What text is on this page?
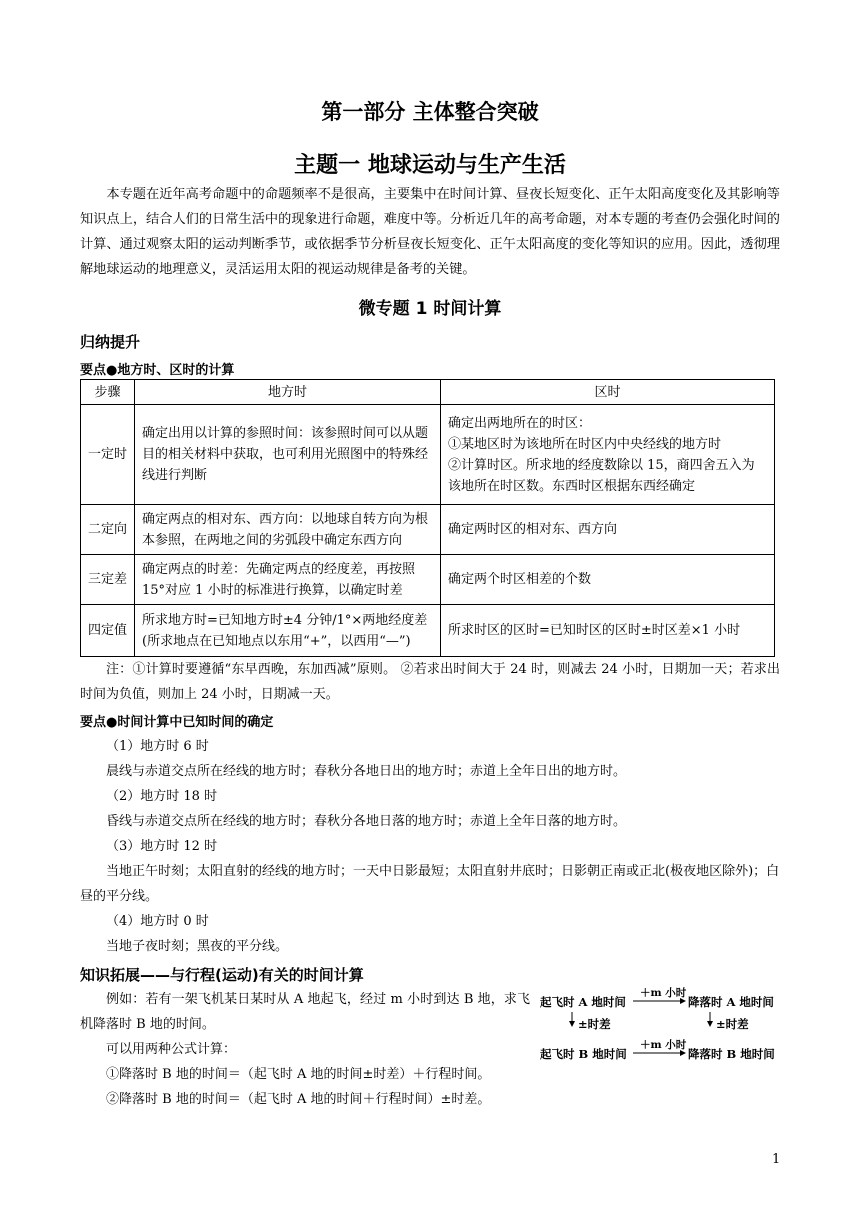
第一部分 主体整合突破
主题一 地球运动与生产生活

本专题在近年高考命题中的命题频率不是很高，主要集中在时间计算、昼夜长短变化、正午太阳高度变化及其影响等知识点上，结合人们的日常生活中的现象进行命题，难度中等。分析近几年的高考命题，对本专题的考查仍会强化时间的计算、通过观察太阳的运动判断季节，或依据季节分析昼夜长短变化、正午太阳高度的变化等知识的应用。因此，透彻理解地球运动的地理意义，灵活运用太阳的视运动规律是备考的关键。

微专题 1 时间计算
归纳提升
要点●地方时、区时的计算
步骤	地方时	区时
一定时	确定出用以计算的参照时间：该参照时间可以从题目的相关材料中获取，也可利用光照图中的特殊经线进行判断	确定出两地所在的时区：
①某地区时为该地所在时区内中央经线的地方时
②计算时区。所求地的经度数除以 15，商四舍五入为该地所在时区数。东西时区根据东西经确定

二定向	确定两点的相对东、西方向：以地球自转方向为根本参照，在两地之间的劣弧段中确定东西方向	确定两时区的相对东、西方向
三定差	确定两点的时差：先确定两点的经度差，再按照15°对应 1 小时的标准进行换算，以确定时差	确定两个时区相差的个数
四定值	所求地方时=已知地方时±4 分钟/1°×两地经度差(所求地点在已知地点以东用“+”，以西用“—”)	所求时区的区时=已知时区的区时±时区差×1 小时

注：①计算时要遵循“东早西晚，东加西减”原则。 ②若求出时间大于 24 时，则减去 24 小时，日期加一天；若求出时间为负值，则加上 24 小时，日期减一天。

要点●时间计算中已知时间的确定

（1）地方时 6 时

晨线与赤道交点所在经线的地方时；春秋分各地日出的地方时；赤道上全年日出的地方时。

（2）地方时 18 时

昏线与赤道交点所在经线的地方时；春秋分各地日落的地方时；赤道上全年日落的地方时。

（3）地方时 12 时

当地正午时刻；太阳直射的经线的地方时；一天中日影最短；太阳直射井底时；日影朝正南或正北(极夜地区除外)；白昼的平分线。

（4）地方时 0 时

当地子夜时刻；黑夜的平分线。

知识拓展——与行程(运动)有关的时间计算

例如：若有一架飞机某日某时从 A 地起飞，经过 m 小时到达 B 地，求飞机降落时 B 地的时间。

可以用两种公式计算：

①降落时 B 地的时间＝（起飞时 A 地的时间±时差）＋行程时间。

②降落时 B 地的时间＝（起飞时 A 地的时间＋行程时间）±时差。

起飞时 A 地时间
＋m 小时
降落时 A 地时间
±时差	±时差
起飞时 B 地时间
＋m 小时
降落时 B 地时间
1
